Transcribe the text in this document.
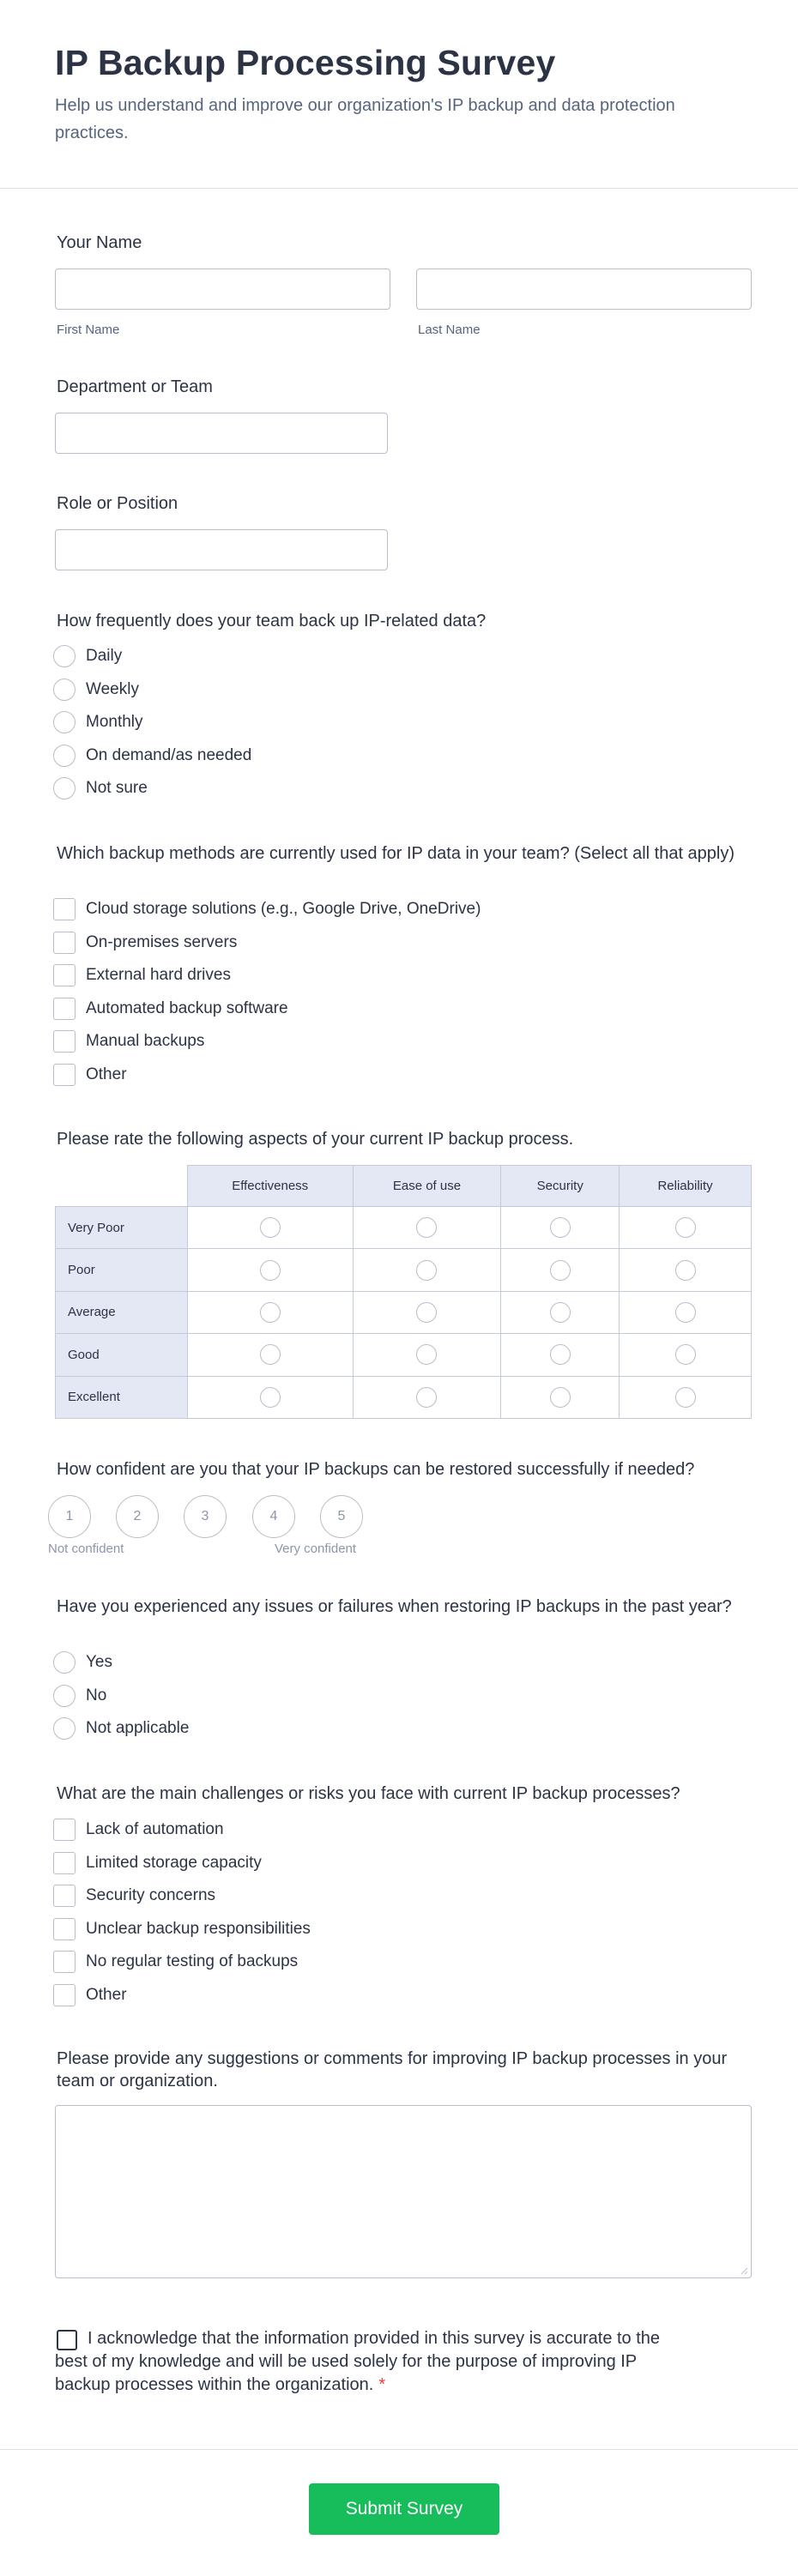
IP Backup Processing Survey

Help us understand and improve our organization's IP backup and data protection practices.

Your Name
First Name	Last Name
Department or Team
Role or Position
How frequently does your team back up IP-related data?
Daily
Weekly
Monthly
On demand/as needed
Not sure
Which backup methods are currently used for IP data in your team? (Select all that apply)
Cloud storage solutions (e.g., Google Drive, OneDrive)
On-premises servers
External hard drives
Automated backup software
Manual backups
Other
Please rate the following aspects of your current IP backup process.
	Effectiveness	Ease of use	Security	Reliability
Very Poor				
Poor				
Average				
Good				
Excellent				
How confident are you that your IP backups can be restored successfully if needed?
1	2	3	4	5
Not confident	Very confident
Have you experienced any issues or failures when restoring IP backups in the past year?
Yes
No
Not applicable
What are the main challenges or risks you face with current IP backup processes?
Lack of automation
Limited storage capacity
Security concerns
Unclear backup responsibilities
No regular testing of backups
Other
Please provide any suggestions or comments for improving IP backup processes in your team or organization.
I acknowledge that the information provided in this survey is accurate to the best of my knowledge and will be used solely for the purpose of improving IP backup processes within the organization. *
Submit Survey
